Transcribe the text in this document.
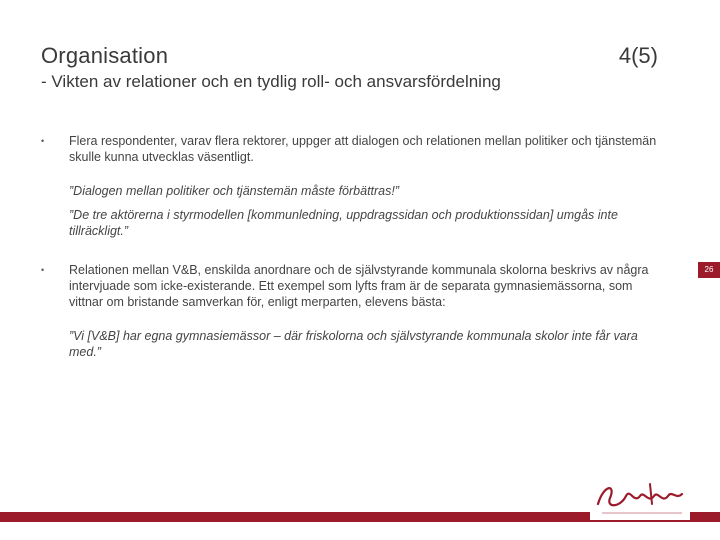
Organisation	4(5)
- Vikten av relationer och en tydlig roll- och ansvarsfördelning
•	Flera respondenter, varav flera rektorer, uppger att dialogen och relationen mellan politiker och tjänstemän skulle kunna utvecklas väsentligt.
”Dialogen mellan politiker och tjänstemän måste förbättras!”
”De tre aktörerna i styrmodellen [kommunledning, uppdragssidan och produktionssidan] umgås inte tillräckligt.”
•	Relationen mellan V&B, enskilda anordnare och de självstyrande kommunala skolorna beskrivs av några intervjuade som icke-existerande. Ett exempel som lyfts fram är de separata gymnasiemässorna, som vittnar om bristande samverkan för, enligt merparten, elevens bästa:
”Vi [V&B] har egna gymnasiemässor – där friskolorna och självstyrande kommunala skolor inte får vara med.”
26
